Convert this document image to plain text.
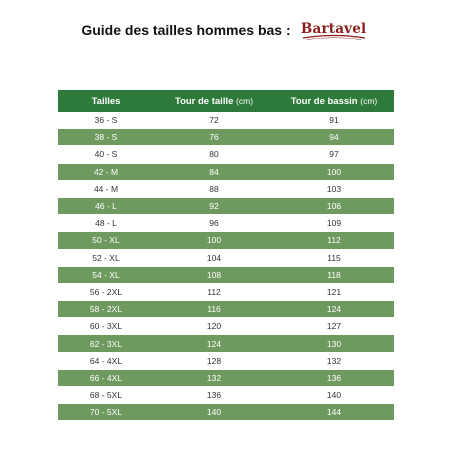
Guide des tailles hommes bas : Bartavel
Tailles	Tour de taille (cm)	Tour de bassin (cm)
36 - S	72	91
38 - S	76	94
40 - S	80	97
42 - M	84	100
44 - M	88	103
46 - L	92	106
48 - L	96	109
50 - XL	100	112
52 - XL	104	115
54 - XL	108	118
56 - 2XL	112	121
58 - 2XL	116	124
60 - 3XL	120	127
62 - 3XL	124	130
64 - 4XL	128	132
66 - 4XL	132	136
68 - 5XL	136	140
70 - 5XL	140	144
